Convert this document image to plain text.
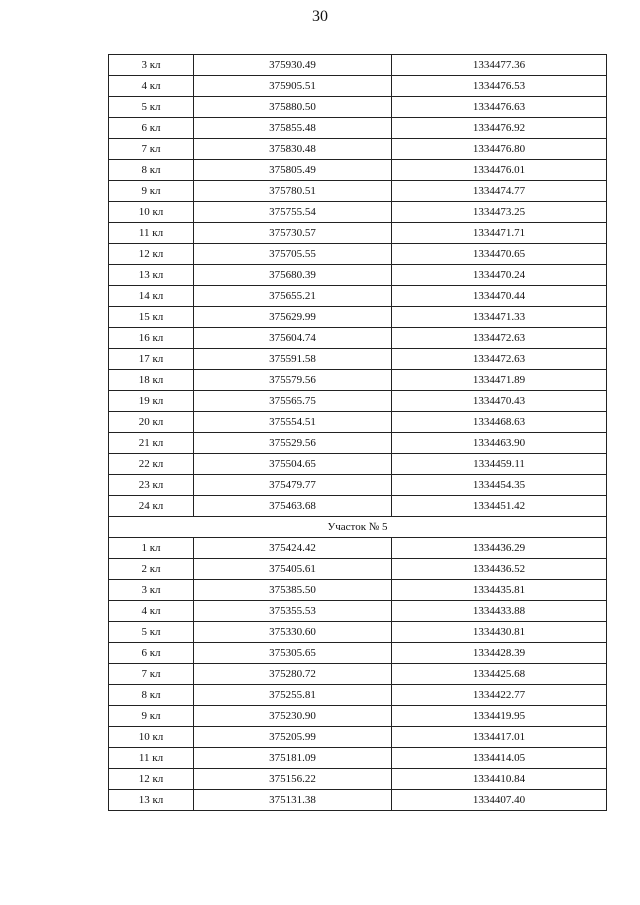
30
3 кл	375930.49	1334477.36
4 кл	375905.51	1334476.53
5 кл	375880.50	1334476.63
6 кл	375855.48	1334476.92
7 кл	375830.48	1334476.80
8 кл	375805.49	1334476.01
9 кл	375780.51	1334474.77
10 кл	375755.54	1334473.25
11 кл	375730.57	1334471.71
12 кл	375705.55	1334470.65
13 кл	375680.39	1334470.24
14 кл	375655.21	1334470.44
15 кл	375629.99	1334471.33
16 кл	375604.74	1334472.63
17 кл	375591.58	1334472.63
18 кл	375579.56	1334471.89
19 кл	375565.75	1334470.43
20 кл	375554.51	1334468.63
21 кл	375529.56	1334463.90
22 кл	375504.65	1334459.11
23 кл	375479.77	1334454.35
24 кл	375463.68	1334451.42
Участок № 5		
1 кл	375424.42	1334436.29
2 кл	375405.61	1334436.52
3 кл	375385.50	1334435.81
4 кл	375355.53	1334433.88
5 кл	375330.60	1334430.81
6 кл	375305.65	1334428.39
7 кл	375280.72	1334425.68
8 кл	375255.81	1334422.77
9 кл	375230.90	1334419.95
10 кл	375205.99	1334417.01
11 кл	375181.09	1334414.05
12 кл	375156.22	1334410.84
13 кл	375131.38	1334407.40
